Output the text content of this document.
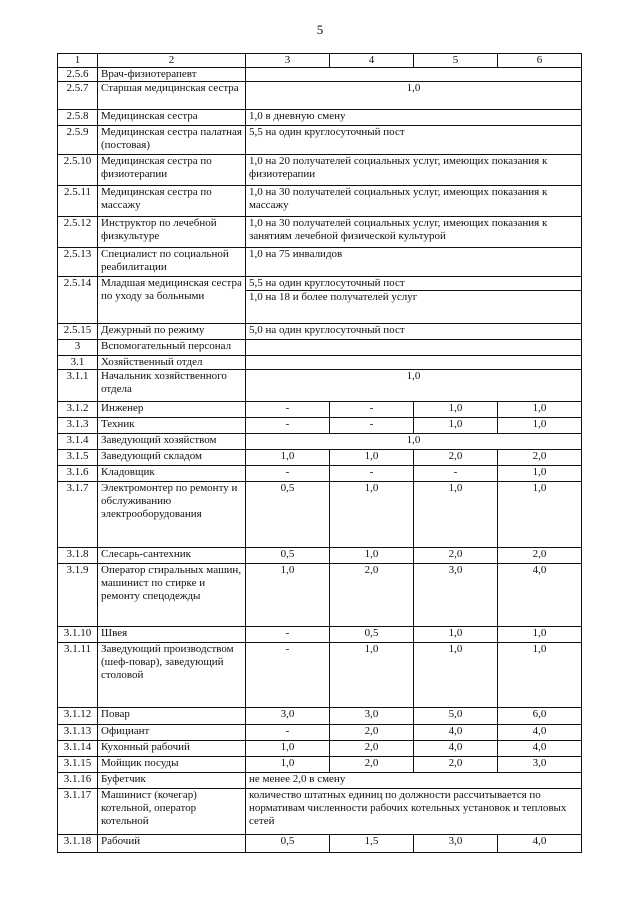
5
1	2	3	4	5	6
2.5.6	Врач-физиотерапевт				
2.5.7	Старшая медицинская сестра	1,0			
2.5.8	Медицинская сестра	1,0 в дневную смену			

2.5.9	Медицинская сестра палатная (постовая)	5,5 на один круглосуточный пост			

2.5.10	Медицинская сестра по физиотерапии	1,0 на 20 получателей социальных услуг, имеющих показания к физиотерапии			

2.5.11	Медицинская сестра по массажу	1,0 на 30 получателей социальных услуг, имеющих показания к массажу			

2.5.12	Инструктор по лечебной физкультуре	1,0 на 30 получателей социальных услуг, имеющих показания к занятиям лечебной физической культурой			

2.5.13	Специалист по социальной реабилитации	1,0 на 75 инвалидов			

2.5.14	Младшая медицинская сестра по уходу за больными	5,5 на один круглосуточный пост
1,0 на 18 и более получателей услуг			

2.5.15	Дежурный по режиму	5,0 на один круглосуточный пост			

3	Вспомогательный персонал				
3.1	Хозяйственный отдел				
3.1.1	Начальник хозяйственного отдела	1,0			
3.1.2	Инженер	-	-	1,0	1,0
3.1.3	Техник	-	-	1,0	1,0
3.1.4	Заведующий хозяйством	1,0			
3.1.5	Заведующий складом	1,0	1,0	2,0	2,0
3.1.6	Кладовщик	-	-	-	1,0
3.1.7	Электромонтер по ремонту и обслуживанию электрооборудования	0,5	1,0	1,0	1,0
3.1.8	Слесарь-сантехник	0,5	1,0	2,0	2,0
3.1.9	Оператор стиральных машин, машинист по стирке и ремонту спецодежды	1,0	2,0	3,0	4,0
3.1.10	Швея	-	0,5	1,0	1,0
3.1.11	Заведующий производством (шеф-повар), заведующий столовой	-	1,0	1,0	1,0
3.1.12	Повар	3,0	3,0	5,0	6,0
3.1.13	Официант	-	2,0	4,0	4,0
3.1.14	Кухонный рабочий	1,0	2,0	4,0	4,0
3.1.15	Мойщик посуды	1,0	2,0	2,0	3,0
3.1.16	Буфетчик	не менее 2,0 в смену			

3.1.17	Машинист (кочегар) котельной, оператор котельной	количество штатных единиц по должности рассчитывается по нормативам численности рабочих котельных установок и тепловых сетей			

3.1.18	Рабочий	0,5	1,5	3,0	4,0
